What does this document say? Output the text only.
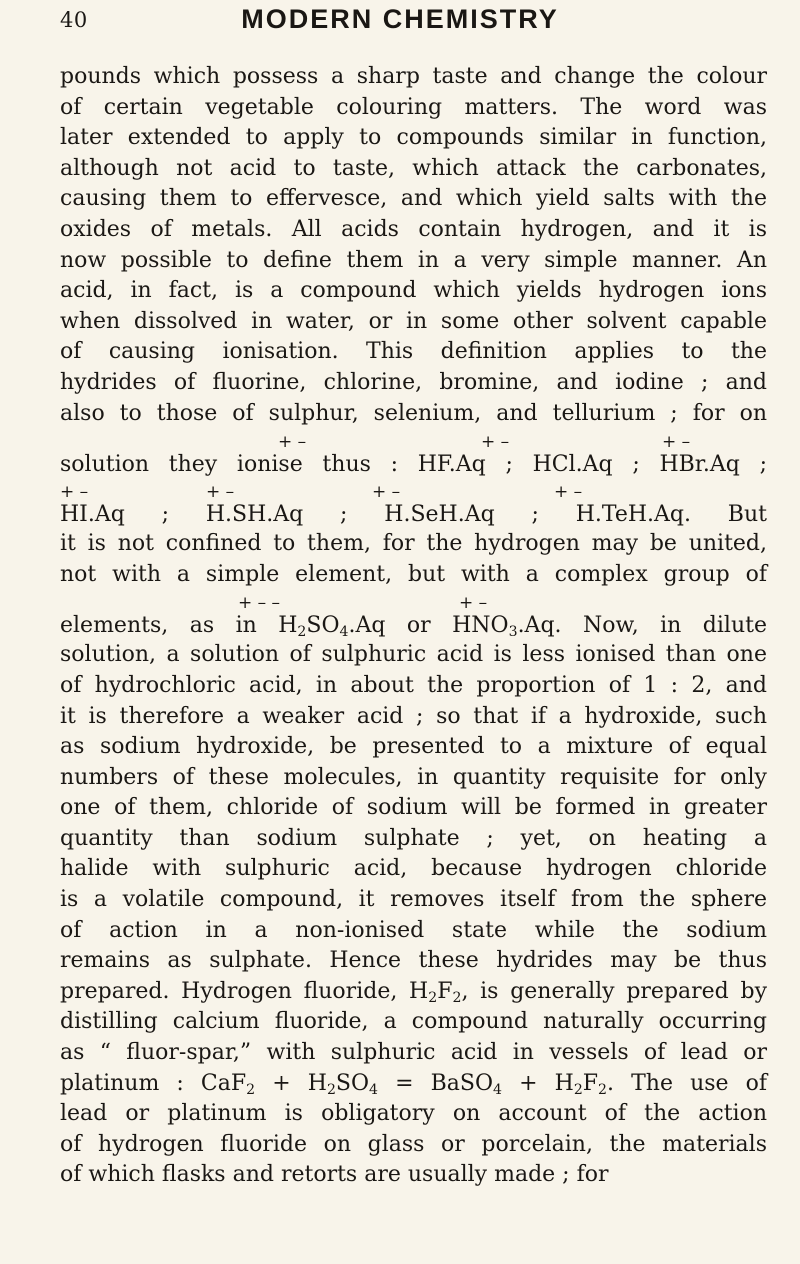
40	MODERN CHEMISTRY
pounds which possess a sharp taste and change the colour
of certain vegetable colouring matters. The word was
later extended to apply to compounds similar in function,
although not acid to taste, which attack the carbonates,
causing them to effervesce, and which yield salts with the
oxides of metals. All acids contain hydrogen, and it is
now possible to define them in a very simple manner. An
acid, in fact, is a compound which yields hydrogen ions
when dissolved in water, or in some other solvent capable
of causing ionisation. This definition applies to the
hydrides of fluorine, chlorine, bromine, and iodine ; and
also to those of sulphur, selenium, and tellurium ; for on

+ –

	+ –

	+ –

solution they ionise thus : HF.Aq ; HCl.Aq ; HBr.Aq ;

+ –

	+ –

	+ –

	+ –

HI.Aq ; H.SH.Aq ; H.SeH.Aq ; H.TeH.Aq. But
it is not confined to them, for the hydrogen may be united,
not with a simple element, but with a complex group of

+ – –

	+ –

elements, as in $H_2SO_4.Aq$ or $HNO_3.Aq$. Now, in dilute
solution, a solution of sulphuric acid is less ionised than one
of hydrochloric acid, in about the proportion of 1 : 2, and
it is therefore a weaker acid ; so that if a hydroxide, such
as sodium hydroxide, be presented to a mixture of equal
numbers of these molecules, in quantity requisite for only
one of them, chloride of sodium will be formed in greater
quantity than sodium sulphate ; yet, on heating a
halide with sulphuric acid, because hydrogen chloride
is a volatile compound, it removes itself from the sphere
of action in a non-ionised state while the sodium
remains as sulphate. Hence these hydrides may be thus
prepared. Hydrogen fluoride, $H_2F_2$, is generally prepared by
distilling calcium fluoride, a compound naturally occurring
as “ fluor-spar,” with sulphuric acid in vessels of lead or
platinum : $CaF_2 + H_2SO_4$ = BaSO$_4$ + $H_2F_2$. The use of
lead or platinum is obligatory on account of the action
of hydrogen fluoride on glass or porcelain, the materials
of which flasks and retorts are usually made ; for
